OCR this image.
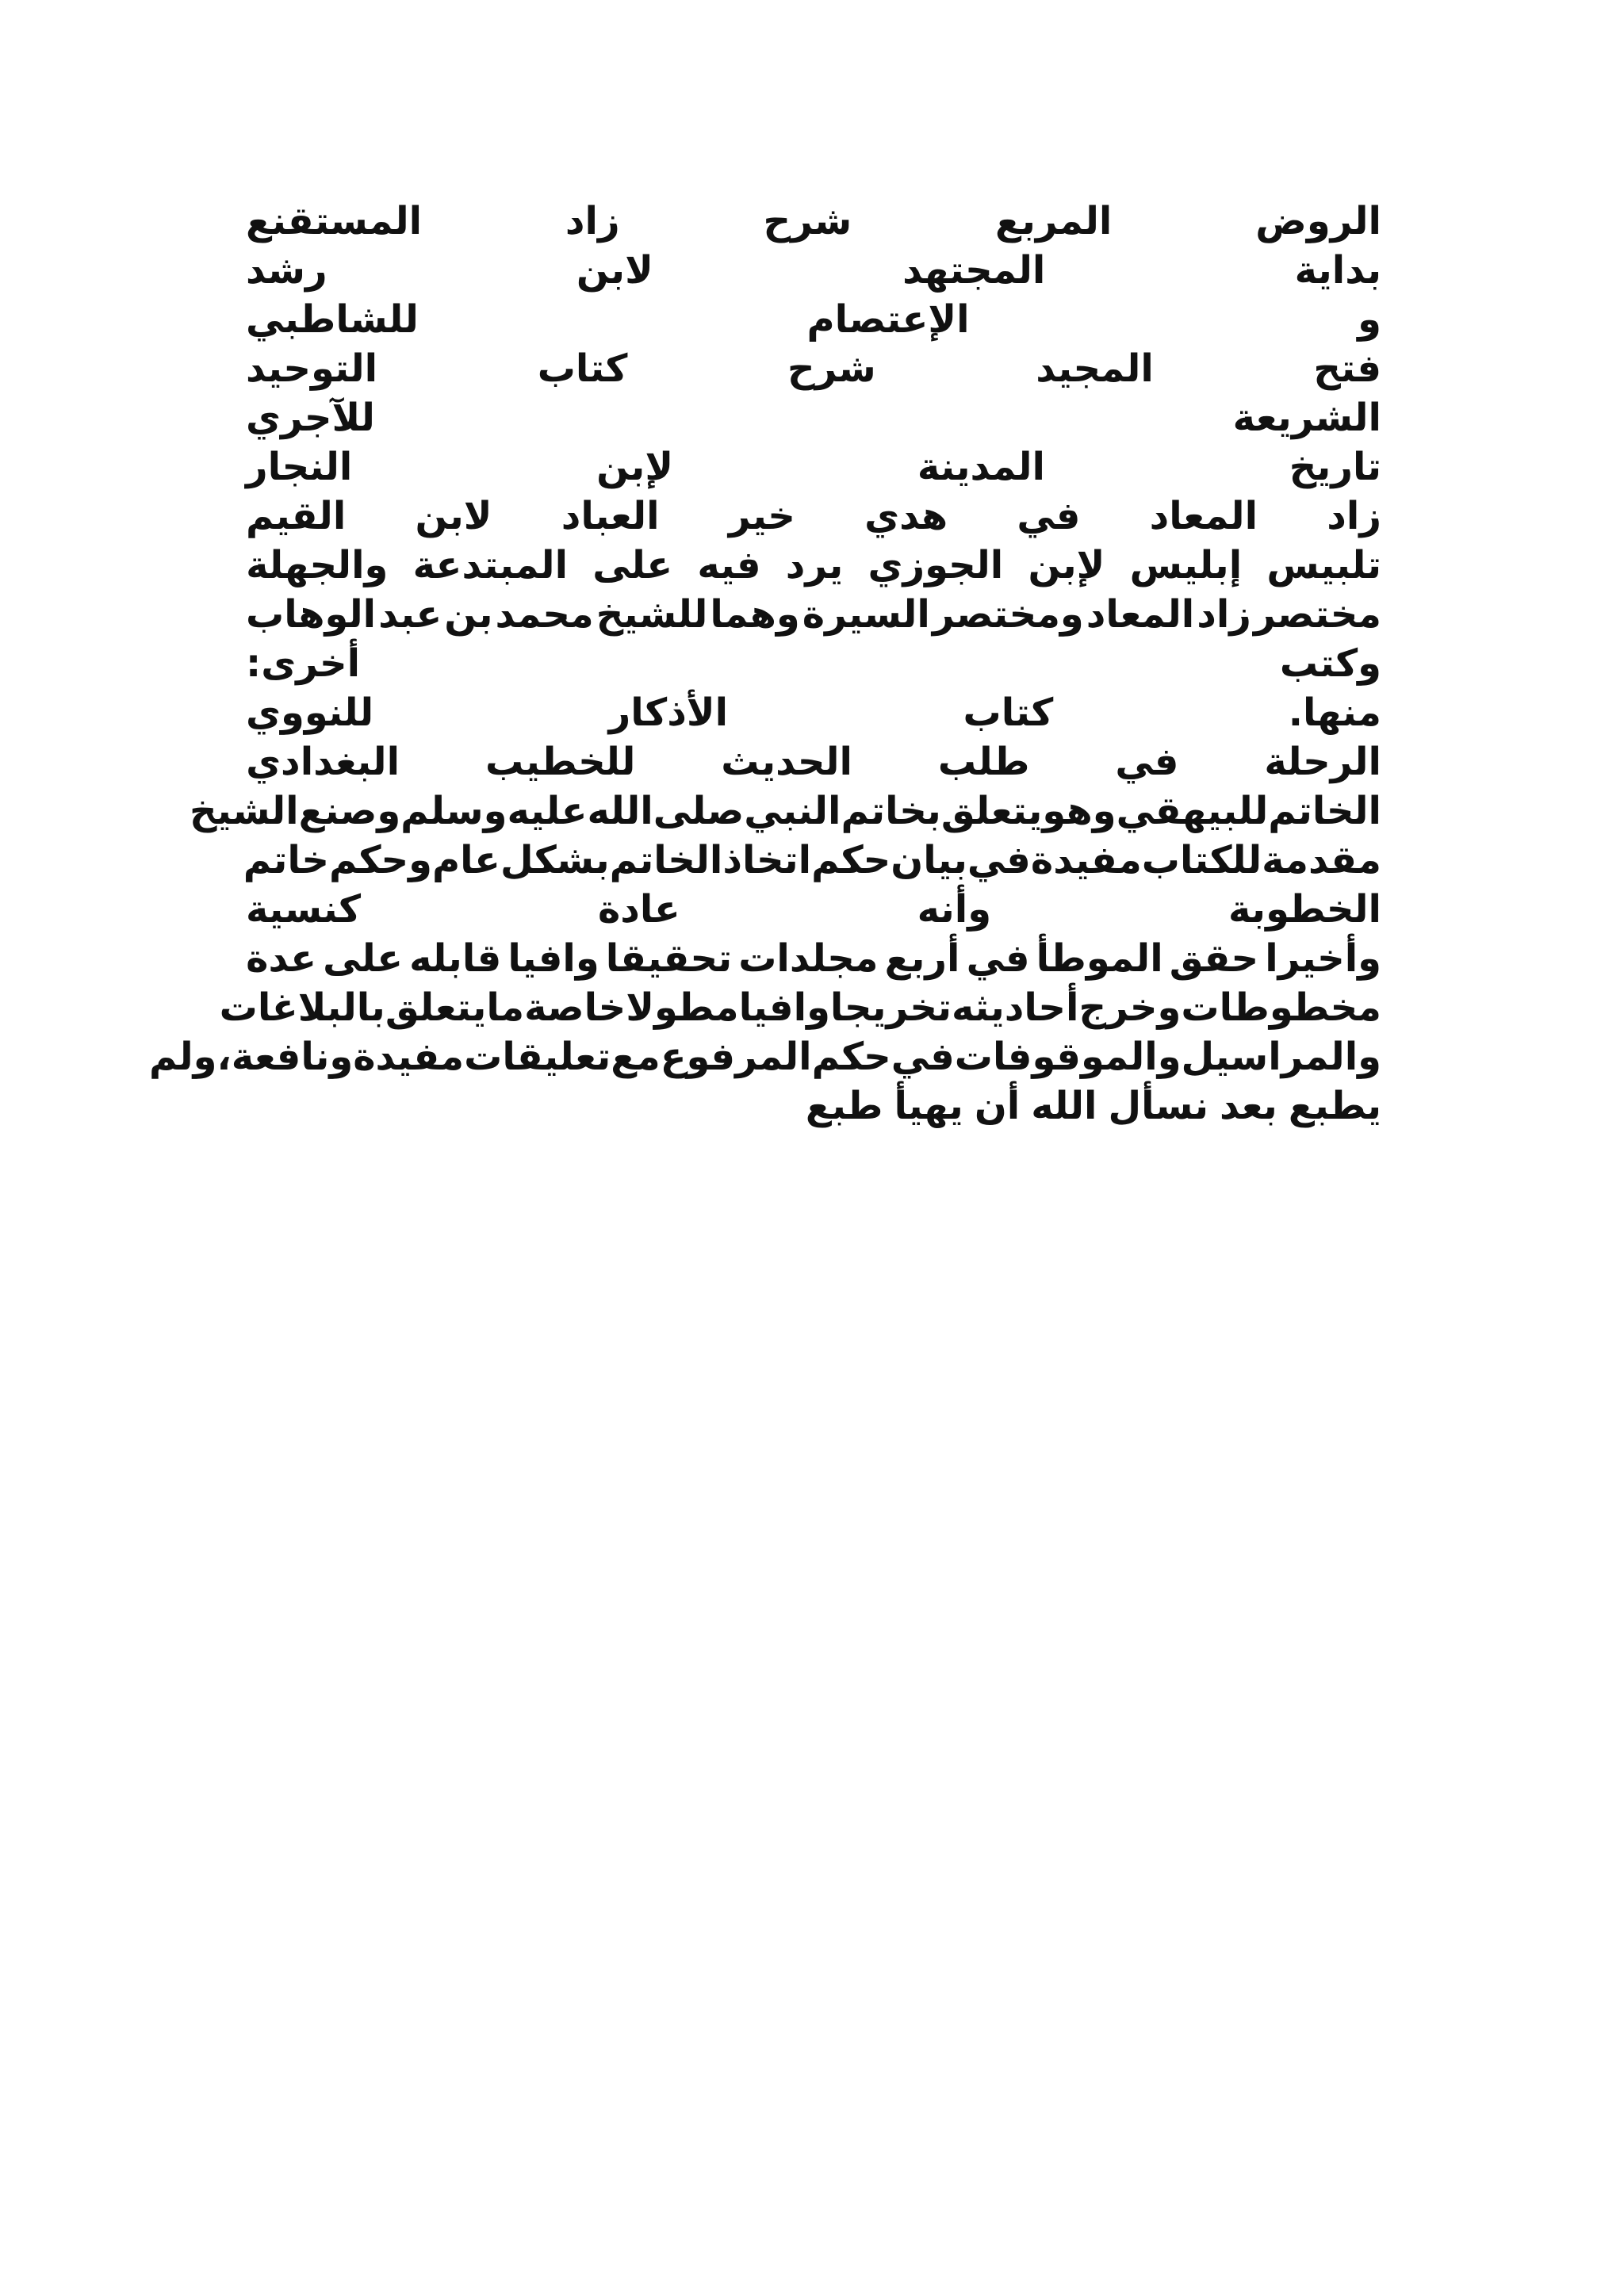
الروض
المربع
شرح
زاد
المستقنع
بداية
المجتهد
لابن
رشد
و
الإعتصام
للشاطبي
فتح
المجيد
شرح
كتاب
التوحيد
الشريعة
للآجري
تاريخ
المدينة
لإبن
النجار
زاد
المعاد
في
هدي
خير
العباد
لابن
القيم
تلبيس
إبليس
لإبن
الجوزي
يرد
فيه
على
المبتدعة
والجهلة
مختصر
زاد
المعاد
ومختصر
السيرة
وهما
للشيخ
محمد
بن
عبد
الوهاب
وكتب
أخرى:
منها.
كتاب
الأذكار
للنووي
الرحلة
في
طلب
الحديث
للخطيب
البغدادي
الخاتم
للبيهقي
وهو
يتعلق
بخاتم
النبي
صلى
الله
عليه
وسلم
وصنع
الشيخ
مقدمة
للكتاب
مفيدة
في
بيان
حكم
اتخاذ
الخاتم
بشكل
عام
وحكم
خاتم
الخطوبة
وأنه
عادة
كنسية
وأخيرا
حقق
الموطأ
في
أربع
مجلدات
تحقيقا
وافيا
قابله
على
عدة
مخطوطات
وخرج
أحاديثه
تخريجا
وافيا
مطولا
خاصة
مايتعلق
بالبلاغات
والمراسيل
والموقوفات
في
حكم
المرفوع
مع
تعليقات
مفيدة
ونافعة
،
ولم
يطبع
بعد
نسأل
الله
أن
يهيأ
طبع
